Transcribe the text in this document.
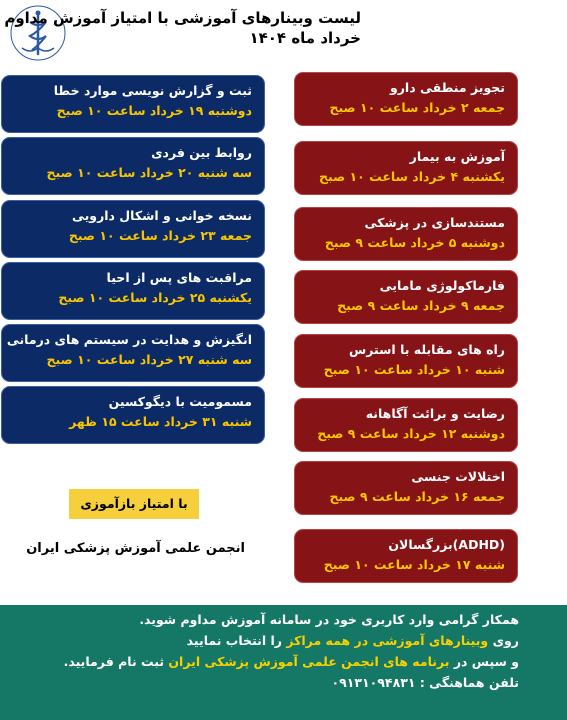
لیست وبینارهای آموزشی با امتیاز آموزش مداوم
خرداد ماه ۱۴۰۴
ثبت و گزارش نویسی موارد خطا
دوشنبه ۱۹ خرداد ساعت ۱۰ صبح
روابط بین فردی
سه شنبه ۲۰ خرداد ساعت ۱۰ صبح
نسخه خوانی و اشکال دارویی
جمعه ۲۳ خرداد ساعت ۱۰ صبح
مراقبت های پس از احیا
یکشنبه ۲۵ خرداد ساعت ۱۰ صبح
انگیزش و هدایت در سیستم های درمانی
سه شنبه ۲۷ خرداد ساعت ۱۰ صبح
مسمومیت با دیگوکسین
شنبه ۳۱ خرداد ساعت ۱۵ ظهر
تجویز منطقی دارو
جمعه ۲ خرداد ساعت ۱۰ صبح
آموزش به بیمار
یکشنبه ۴ خرداد ساعت ۱۰ صبح
مستندسازی در پزشکی
دوشنبه ۵ خرداد ساعت ۹ صبح
فارماکولوژی مامایی
جمعه ۹ خرداد ساعت ۹ صبح
راه های مقابله با استرس
شنبه ۱۰ خرداد ساعت ۱۰ صبح
رضایت و برائت آگاهانه
دوشنبه ۱۲ خرداد ساعت ۹ صبح
اختلالات جنسی
جمعه ۱۶ خرداد ساعت ۹ صبح
(ADHD)بزرگسالان
شنبه ۱۷ خرداد ساعت ۱۰ صبح
با امتیاز بازآموزی
انجمن علمی آموزش پزشکی ایران
همکار گرامی وارد کاربری خود در سامانه آموزش مداوم شوید.
روی وبینارهای آموزشی در همه مراکز را انتخاب نمایید
و سپس در برنامه های انجمن علمی آموزش پزشکی ایران ثبت نام فرمایید.
تلفن هماهنگی : ۰۹۱۳۱۰۹۴۸۳۱
